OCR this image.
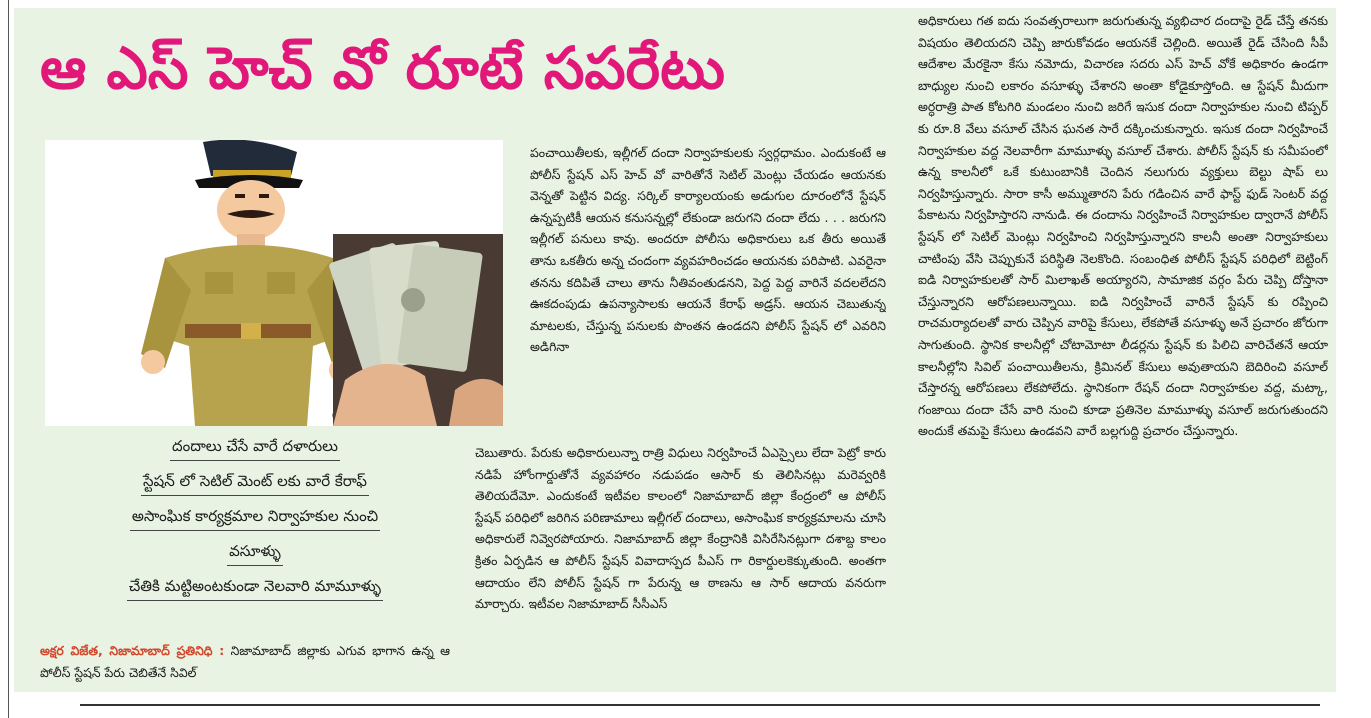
ఆ ఎస్ హెచ్ వో రూటే సపరేటు
దందాలు చేసే వారే దళారులు
స్టేషన్ లో సెటిల్ మెంట్ లకు వారే కేరాఫ్
అసాంఘిక కార్యక్రమాల నిర్వాహకుల నుంచి
వసూళ్ళు
చేతికి మట్టిఅంటకుండా నెలవారి మామూళ్ళు

అక్షర విజేత, నిజామాబాద్ ప్రతినిధి : నిజామాబాద్ జిల్లాకు ఎగువ భాగాన ఉన్న ఆ పోలీస్ స్టేషన్ పేరు చెబితేనే సివిల్

పంచాయితీలకు, ఇల్లీగల్ దందా నిర్వాహకులకు స్వర్గధామం. ఎందుకంటే ఆ పోలీస్ స్టేషన్ ఎస్ హెచ్ వో వారితోనే సెటిల్ మెంట్లు చేయడం ఆయనకు వెన్నతో పెట్టిన విద్య. సర్కిల్ కార్యాలయంకు అడుగుల దూరంలోనే స్టేషన్ ఉన్నప్పటికీ ఆయన కనుసన్నల్లో లేకుండా జరుగని దందా లేదు . . . జరుగని ఇల్లీగల్ పనులు కావు. అందరూ పోలీసు అధికారులు ఒక తీరు అయితే తాను ఒకతీరు అన్న చందంగా వ్యవహరించడం ఆయనకు పరిపాటి. ఎవరైనా తనను కదిపితే చాలు తాను నీతివంతుడనని, పెద్ద పెద్ద వారినే వదలలేదని ఊకదంపుడు ఉపన్యాసాలకు ఆయనే కేరాఫ్ అడ్రస్. ఆయన చెబుతున్న మాటలకు, చేస్తున్న పనులకు పొంతన ఉండదని పోలీస్ స్టేషన్ లో ఎవరిని అడిగినా

చెబుతారు. పేరుకు అధికారులున్నా రాత్రి విధులు నిర్వహించే ఏఎస్సైలు లేదా పెట్రో కారు నడిపే హోంగార్డుతోనే వ్యవహారం నడుపడం ఆసార్ కు తెలిసినట్లు మరెవ్వరికి తెలియదేమో. ఎందుకంటే ఇటీవల కాలంలో నిజామాబాద్ జిల్లా కేంద్రంలో ఆ పోలీస్ స్టేషన్ పరిధిలో జరిగిన పరిణామాలు ఇల్లీగల్ దందాలు, అసాంఘిక కార్యక్రమాలను చూసి అధికారులే నివ్వెరపోయారు. నిజామాబాద్ జిల్లా కేంద్రానికి విసిరేసినట్లుగా దశాబ్ద కాలం క్రితం ఏర్పడిన ఆ పోలీస్ స్టేషన్ వివాదాస్పద పీఎస్ గా రికార్డులకెక్కుతుంది. అంతగా ఆదాయం లేని పోలీస్ స్టేషన్ గా పేరున్న ఆ ఠాణను ఆ సార్ ఆదాయ వనరుగా మార్చారు. ఇటీవల నిజామాబాద్ సీసీఎస్

అధికారులు గత ఐదు సంవత్సరాలుగా జరుగుతున్న వ్యభిచార దందాపై రైడ్ చేస్తే తనకు విషయం తెలియదని చెప్పి జారుకోవడం ఆయనకే చెల్లింది. అయితే రైడ్ చేసింది సీపీ ఆదేశాల మేరకైనా కేసు నమోదు, విచారణ సదరు ఎస్ హెచ్ వోకే అధికారం ఉండగా బాధ్యుల నుంచి లకారం వసూళ్ళు చేశారని అంతా కోడైకూస్తోంది. ఆ స్టేషన్ మీదుగా అర్ధరాత్రి పాత కోటగిరి మండలం నుంచి జరిగే ఇసుక దందా నిర్వాహకుల నుంచి టిప్పర్ కు రూ.8 వేలు వసూల్ చేసిన ఘనత సారే దక్కించుకున్నారు. ఇసుక దందా నిర్వహించే నిర్వాహకుల వద్ద నెలవారీగా మామూళ్ళు వసూల్ చేశారు. పోలీస్ స్టేషన్ కు సమీపంలో ఉన్న కాలనీలో ఒకే కుటుంబానికి చెందిన నలుగురు వ్యక్తులు బెల్టు షాప్ లు నిర్వహిస్తున్నారు. సారా కాసీ అమ్ముతారని పేరు గడించిన వారే ఫాస్ట్ ఫుడ్ సెంటర్ వద్ద పేకాటను నిర్వహిస్తారని నానుడి. ఈ దందాను నిర్వహించే నిర్వాహకుల ద్వారానే పోలీస్ స్టేషన్ లో సెటిల్ మెంట్లు నిర్వహించి నిర్వహిస్తున్నారని కాలనీ అంతా నిర్వాహకులు చాటింపు వేసి చెప్పుకునే పరిస్థితి నెలకొంది. సంబంధిత పోలీస్ స్టేషన్ పరిధిలో బెట్టింగ్ ఐడి నిర్వాహకులతో సార్ మిలాఖత్ అయ్యారని, సామాజిక వర్గం పేరు చెప్పి దోస్తానా చేస్తున్నారని ఆరోపణలున్నాయి. ఐడి నిర్వహించే వారినే స్టేషన్ కు రప్పించి రాచమర్యాదలతో వారు చెప్పిన వారిపై కేసులు, లేకపోతే వసూళ్ళు అనే ప్రచారం జోరుగా సాగుతుంది. స్థానిక కాలనీల్లో చోటామోటా లీడర్లను స్టేషన్ కు పిలిచి వారిచేతనే ఆయా కాలనీల్లోని సివిల్ పంచాయితీలను, క్రిమినల్ కేసులు అవుతాయని బెదిరించి వసూల్ చేస్తారన్న ఆరోపణలు లేకపోలేదు. స్థానికంగా రేషన్ దందా నిర్వాహకుల వద్ద, మట్కా, గంజాయి దందా చేసే వారి నుంచి కూడా ప్రతినెల మామూళ్ళు వసూల్ జరుగుతుందని అందుకే తమపై కేసులు ఉండవని వారే బల్లగుద్ది ప్రచారం చేస్తున్నారు.
